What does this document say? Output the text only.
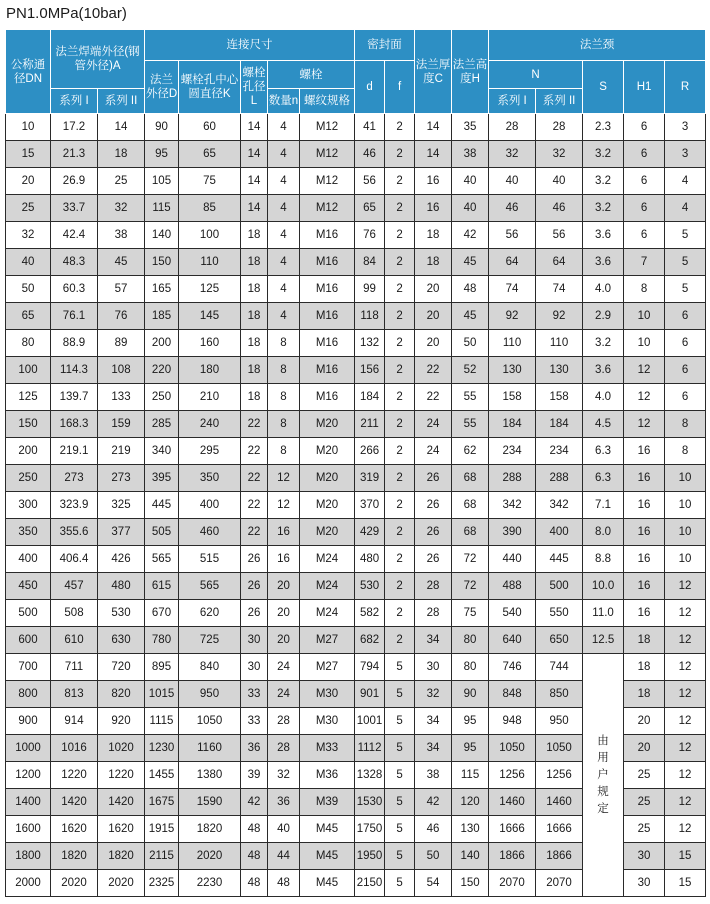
PN1.0MPa(10bar)
公称通径DN	法兰焊端外径(钢管外径)A		连接尺寸					密封面		法兰厚度C	法兰高度H	法兰颈				
			法兰外径D	螺栓孔中心圆直径K	螺栓孔径L	螺栓		d	f			N		S	H1	R
	系列 I	系列 II				数量n	螺纹规格					系列 I	系列 II			
10	17.2	14	90	60	14	4	M12	41	2	14	35	28	28	2.3	6	3
15	21.3	18	95	65	14	4	M12	46	2	14	38	32	32	3.2	6	3
20	26.9	25	105	75	14	4	M12	56	2	16	40	40	40	3.2	6	4
25	33.7	32	115	85	14	4	M12	65	2	16	40	46	46	3.2	6	4
32	42.4	38	140	100	18	4	M16	76	2	18	42	56	56	3.6	6	5
40	48.3	45	150	110	18	4	M16	84	2	18	45	64	64	3.6	7	5
50	60.3	57	165	125	18	4	M16	99	2	20	48	74	74	4.0	8	5
65	76.1	76	185	145	18	4	M16	118	2	20	45	92	92	2.9	10	6
80	88.9	89	200	160	18	8	M16	132	2	20	50	110	110	3.2	10	6
100	114.3	108	220	180	18	8	M16	156	2	22	52	130	130	3.6	12	6
125	139.7	133	250	210	18	8	M16	184	2	22	55	158	158	4.0	12	6
150	168.3	159	285	240	22	8	M20	211	2	24	55	184	184	4.5	12	8
200	219.1	219	340	295	22	8	M20	266	2	24	62	234	234	6.3	16	8
250	273	273	395	350	22	12	M20	319	2	26	68	288	288	6.3	16	10
300	323.9	325	445	400	22	12	M20	370	2	26	68	342	342	7.1	16	10
350	355.6	377	505	460	22	16	M20	429	2	26	68	390	400	8.0	16	10
400	406.4	426	565	515	26	16	M24	480	2	26	72	440	445	8.8	16	10
450	457	480	615	565	26	20	M24	530	2	28	72	488	500	10.0	16	12
500	508	530	670	620	26	20	M24	582	2	28	75	540	550	11.0	16	12
600	610	630	780	725	30	20	M27	682	2	34	80	640	650	12.5	18	12
700	711	720	895	840	30	24	M27	794	5	30	80	746	744	由用户规定	18	12
800	813	820	1015	950	33	24	M30	901	5	32	90	848	850		18	12
900	914	920	1115	1050	33	28	M30	1001	5	34	95	948	950		20	12
1000	1016	1020	1230	1160	36	28	M33	1112	5	34	95	1050	1050		20	12
1200	1220	1220	1455	1380	39	32	M36	1328	5	38	115	1256	1256		25	12
1400	1420	1420	1675	1590	42	36	M39	1530	5	42	120	1460	1460		25	12
1600	1620	1620	1915	1820	48	40	M45	1750	5	46	130	1666	1666		25	12
1800	1820	1820	2115	2020	48	44	M45	1950	5	50	140	1866	1866		30	15
2000	2020	2020	2325	2230	48	48	M45	2150	5	54	150	2070	2070		30	15
